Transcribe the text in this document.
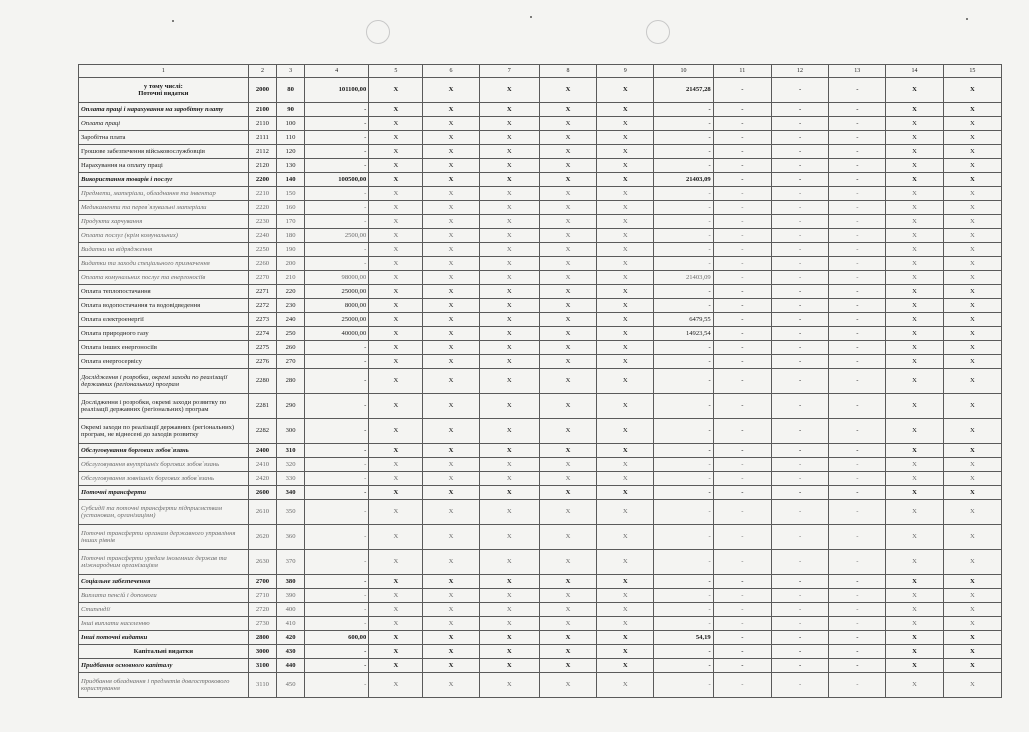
1	2	3	4	5	6	7	8	9	10	11	12	13	14	15

у тому числі:
Поточні видатки	2000	80	101100,00	Х	Х	Х	Х	Х	21457,28	-	-	-	Х	Х
Оплата праці і нарахування на заробітну плату	2100	90	-	Х	Х	Х	Х	Х	-	-	-	-	Х	Х
Оплата праці	2110	100	-	Х	Х	Х	Х	Х	-	-	-	-	Х	Х
Заробітна плата	2111	110	-	Х	Х	Х	Х	Х	-	-	-	-	Х	Х
Грошове забезпечення військовослужбовців	2112	120	-	Х	Х	Х	Х	Х	-	-	-	-	Х	Х
Нарахування на оплату праці	2120	130	-	Х	Х	Х	Х	Х	-	-	-	-	Х	Х
Використання товарів і послуг	2200	140	100500,00	Х	Х	Х	Х	Х	21403,09	-	-	-	Х	Х
Предмети, матеріали, обладнання та інвентар	2210	150	-	Х	Х	Х	Х	Х	-	-	-	-	Х	Х
Медикаменти та перев`язувальні матеріали	2220	160	-	Х	Х	Х	Х	Х	-	-	-	-	Х	Х
Продукти харчування	2230	170	-	Х	Х	Х	Х	Х	-	-	-	-	Х	Х
Оплата послуг (крім комунальних)	2240	180	2500,00	Х	Х	Х	Х	Х	-	-	-	-	Х	Х
Видатки на відрядження	2250	190	-	Х	Х	Х	Х	Х	-	-	-	-	Х	Х
Видатки та заходи спеціального призначення	2260	200	-	Х	Х	Х	Х	Х	-	-	-	-	Х	Х
Оплата комунальних послуг та енергоносіїв	2270	210	98000,00	Х	Х	Х	Х	Х	21403,09	-	-	-	Х	Х
Оплата теплопостачання	2271	220	25000,00	Х	Х	Х	Х	Х	-	-	-	-	Х	Х
Оплата водопостачання та водовідведення	2272	230	8000,00	Х	Х	Х	Х	Х	-	-	-	-	Х	Х
Оплата електроенергії	2273	240	25000,00	Х	Х	Х	Х	Х	6479,55	-	-	-	Х	Х
Оплата природного газу	2274	250	40000,00	Х	Х	Х	Х	Х	14923,54	-	-	-	Х	Х
Оплата інших енергоносіїв	2275	260	-	Х	Х	Х	Х	Х	-	-	-	-	Х	Х
Оплата енергосервісу	2276	270	-	Х	Х	Х	Х	Х	-	-	-	-	Х	Х
Дослідження і розробки, окремі заходи по реалізації державних (регіональних) програм	2280	280	-	Х	Х	Х	Х	Х	-	-	-	-	Х	Х
Дослідження і розробки, окремі заходи розвитку по реалізації державних (регіональних) програм	2281	290	-	Х	Х	Х	Х	Х	-	-	-	-	Х	Х
Окремі заходи по реалізації державних (регіональних) програм, не віднесені до заходів розвитку	2282	300	-	Х	Х	Х	Х	Х	-	-	-	-	Х	Х
Обслуговування боргових зобов`язань	2400	310	-	Х	Х	Х	Х	Х	-	-	-	-	Х	Х
Обслуговування внутрішніх боргових зобов`язань	2410	320	-	Х	Х	Х	Х	Х	-	-	-	-	Х	Х
Обслуговування зовнішніх боргових зобов`язань	2420	330	-	Х	Х	Х	Х	Х	-	-	-	-	Х	Х
Поточні трансферти	2600	340	-	Х	Х	Х	Х	Х	-	-	-	-	Х	Х
Субсидії та поточні трансферти підприємствам (установам, організаціям)	2610	350	-	Х	Х	Х	Х	Х	-	-	-	-	Х	Х
Поточні трансферти органам державного управління інших рівнів	2620	360	-	Х	Х	Х	Х	Х	-	-	-	-	Х	Х
Поточні трансферти урядам іноземних держав та міжнародним організаціям	2630	370	-	Х	Х	Х	Х	Х	-	-	-	-	Х	Х
Соціальне забезпечення	2700	380	-	Х	Х	Х	Х	Х	-	-	-	-	Х	Х
Виплата пенсій і допомоги	2710	390	-	Х	Х	Х	Х	Х	-	-	-	-	Х	Х
Стипендії	2720	400	-	Х	Х	Х	Х	Х	-	-	-	-	Х	Х
Інші виплати населенню	2730	410	-	Х	Х	Х	Х	Х	-	-	-	-	Х	Х
Інші поточні видатки	2800	420	600,00	Х	Х	Х	Х	Х	54,19	-	-	-	Х	Х
Капітальні видатки	3000	430	-	Х	Х	Х	Х	Х	-	-	-	-	Х	Х
Придбання основного капіталу	3100	440	-	Х	Х	Х	Х	Х	-	-	-	-	Х	Х
Придбання обладнання і предметів довгострокового користування	3110	450	-	Х	Х	Х	Х	Х	-	-	-	-	Х	Х
